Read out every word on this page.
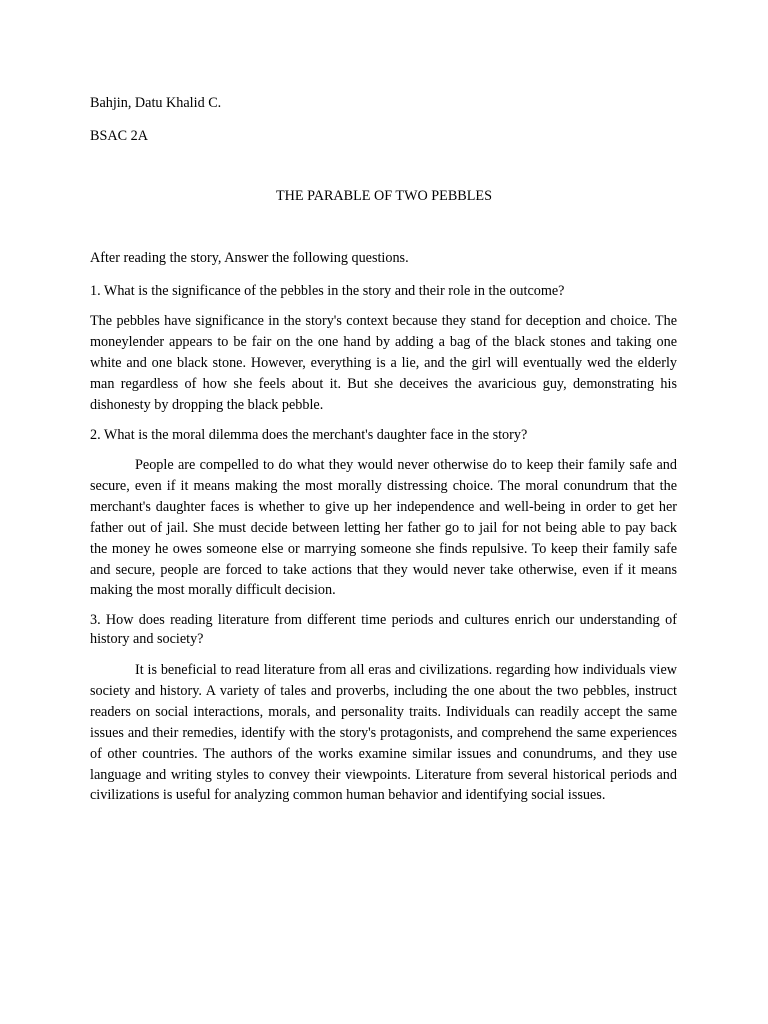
Bahjin, Datu Khalid C.
BSAC 2A
THE PARABLE OF TWO PEBBLES
After reading the story, Answer the following questions.
1. What is the significance of the pebbles in the story and their role in the outcome?

The pebbles have significance in the story's context because they stand for deception and choice. The moneylender appears to be fair on the one hand by adding a bag of the black stones and taking one white and one black stone. However, everything is a lie, and the girl will eventually wed the elderly man regardless of how she feels about it. But she deceives the avaricious guy, demonstrating his dishonesty by dropping the black pebble.

2. What is the moral dilemma does the merchant's daughter face in the story?

People are compelled to do what they would never otherwise do to keep their family safe and secure, even if it means making the most morally distressing choice. The moral conundrum that the merchant's daughter faces is whether to give up her independence and well-being in order to get her father out of jail. She must decide between letting her father go to jail for not being able to pay back the money he owes someone else or marrying someone she finds repulsive. To keep their family safe and secure, people are forced to take actions that they would never take otherwise, even if it means making the most morally difficult decision.

3. How does reading literature from different time periods and cultures enrich our understanding of history and society?

It is beneficial to read literature from all eras and civilizations. regarding how individuals view society and history. A variety of tales and proverbs, including the one about the two pebbles, instruct readers on social interactions, morals, and personality traits. Individuals can readily accept the same issues and their remedies, identify with the story's protagonists, and comprehend the same experiences of other countries. The authors of the works examine similar issues and conundrums, and they use language and writing styles to convey their viewpoints. Literature from several historical periods and civilizations is useful for analyzing common human behavior and identifying social issues.
